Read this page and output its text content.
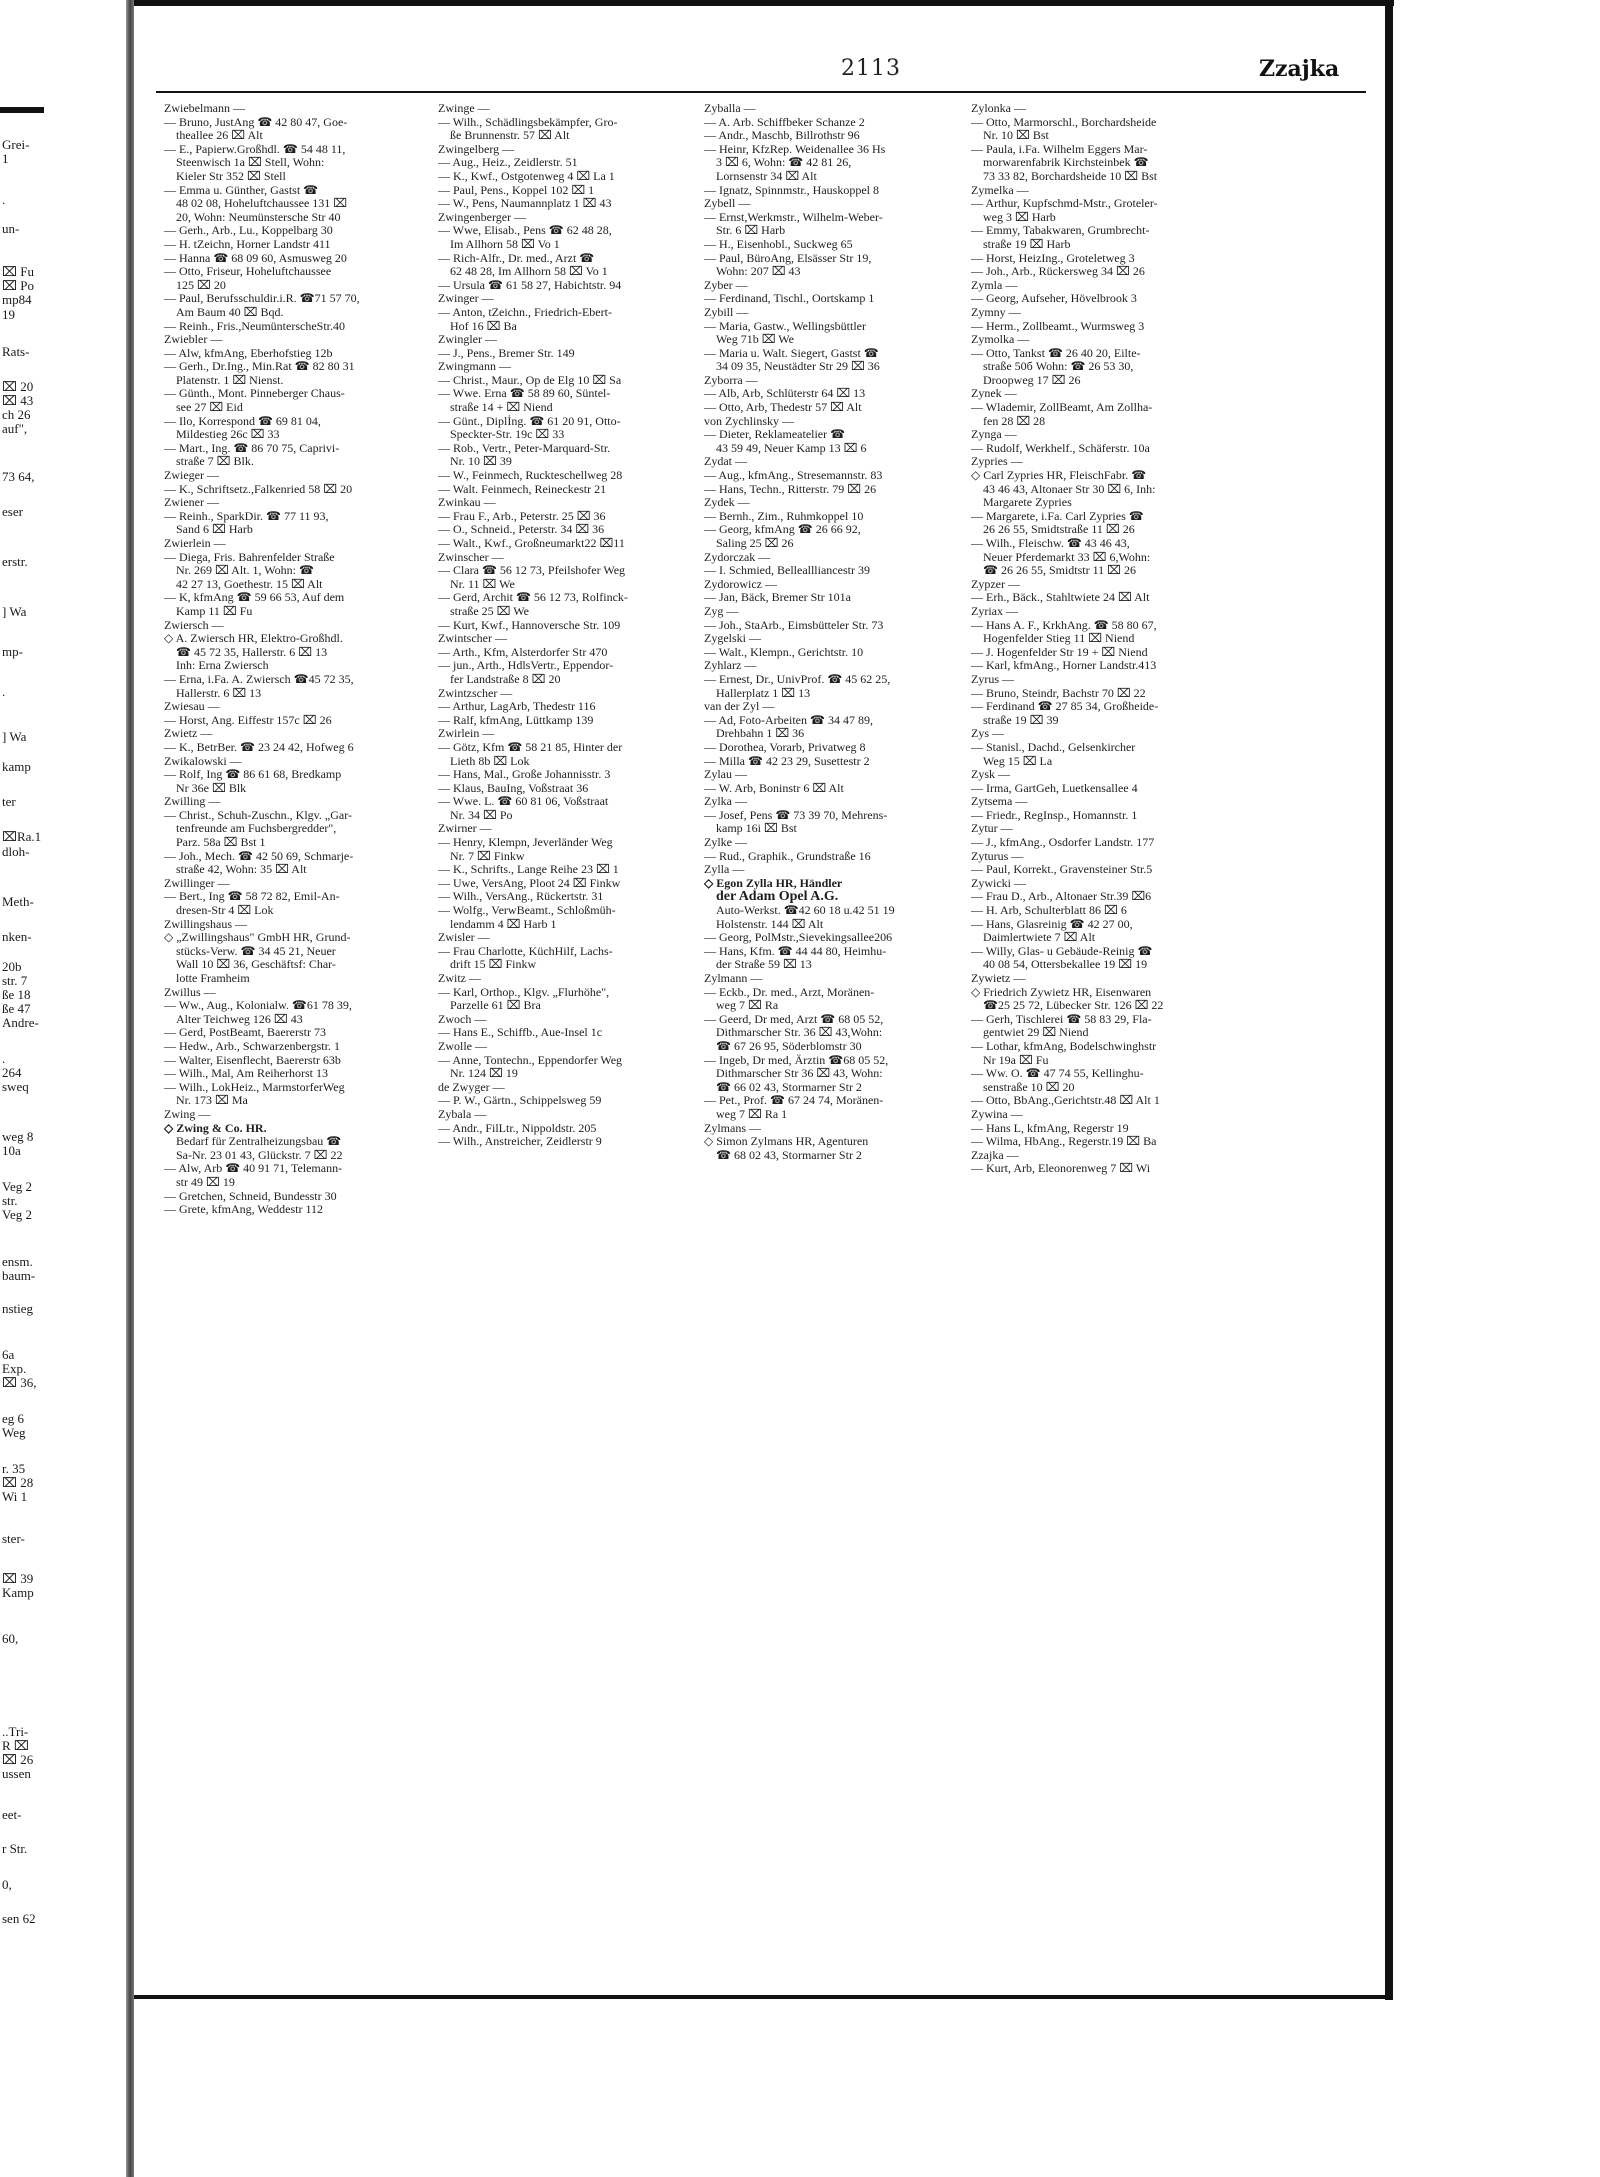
Grei-
1
.
un-
⌧ Fu
⌧ Po
mp84
19
Rats-
⌧ 20
⌧ 43
ch 26
auf",
73 64,
eser
erstr.
] Wa
mp-
.
] Wa
kamp
ter
⌧Ra.1
dloh-
Meth-
nken-
20b
str. 7
ße 18
ße 47
Andre-
.
264
sweq
weg 8
10a
Veg 2
str.
Veg 2
ensm.
baum-
nstieg
6a
Exp.
⌧ 36,
eg 6
Weg
r. 35
⌧ 28
Wi 1
ster-
⌧ 39
Kamp
60,
..Tri-
R ⌧
⌧ 26
ussen
eet-
r Str.
0,
sen 62
2113	Zzajka
Zwiebelmann —
— Bruno, JustAng ☎ 42 80 47, Goe-
theallee 26 ⌧ Alt
— E., Papierw.Großhdl. ☎ 54 48 11,
Steenwisch 1a ⌧ Stell, Wohn:
Kieler Str 352 ⌧ Stell
— Emma u. Günther, Gastst ☎
48 02 08, Hoheluftchaussee 131 ⌧
20, Wohn: Neumünstersche Str 40
— Gerh., Arb., Lu., Koppelbarg 30
— H. tZeichn, Horner Landstr 411
— Hanna ☎ 68 09 60, Asmusweg 20
— Otto, Friseur, Hoheluftchaussee
125 ⌧ 20
— Paul, Berufsschuldir.i.R. ☎71 57 70,
Am Baum 40 ⌧ Bqd.
— Reinh., Fris.,NeumünterscheStr.40
Zwiebler —
— Alw, kfmAng, Eberhofstieg 12b
— Gerh., Dr.Ing., Min.Rat ☎ 82 80 31
Platenstr. 1 ⌧ Nienst.
— Günth., Mont. Pinneberger Chaus-
see 27 ⌧ Eid
— Ilo, Korrespond ☎ 69 81 04,
Mildestieg 26c ⌧ 33
— Mart., Ing. ☎ 86 70 75, Caprivi-
straße 7 ⌧ Blk.
Zwieger —
— K., Schriftsetz.,Falkenried 58 ⌧ 20
Zwiener —
— Reinh., SparkDir. ☎ 77 11 93,
Sand 6 ⌧ Harb
Zwierlein —
— Diega, Fris. Bahrenfelder Straße
Nr. 269 ⌧ Alt. 1, Wohn: ☎
42 27 13, Goethestr. 15 ⌧ Alt
— K, kfmAng ☎ 59 66 53, Auf dem
Kamp 11 ⌧ Fu
Zwiersch —
◇ A. Zwiersch HR, Elektro-Großhdl.
☎ 45 72 35, Hallerstr. 6 ⌧ 13
Inh: Erna Zwiersch
— Erna, i.Fa. A. Zwiersch ☎45 72 35,
Hallerstr. 6 ⌧ 13
Zwiesau —
— Horst, Ang. Eiffestr 157c ⌧ 26
Zwietz —
— K., BetrBer. ☎ 23 24 42, Hofweg 6
Zwikalowski —
— Rolf, Ing ☎ 86 61 68, Bredkamp
Nr 36e ⌧ Blk
Zwilling —
— Christ., Schuh-Zuschn., Klgv. „Gar-
tenfreunde am Fuchsbergredder",
Parz. 58a ⌧ Bst 1
— Joh., Mech. ☎ 42 50 69, Schmarje-
straße 42, Wohn: 35 ⌧ Alt
Zwillinger —
— Bert., Ing ☎ 58 72 82, Emil-An-
dresen-Str 4 ⌧ Lok
Zwillingshaus —
◇ „Zwillingshaus" GmbH HR, Grund-
stücks-Verw. ☎ 34 45 21, Neuer
Wall 10 ⌧ 36, Geschäftsf: Char-
lotte Framheim
Zwillus —
— Ww., Aug., Kolonialw. ☎61 78 39,
Alter Teichweg 126 ⌧ 43
— Gerd, PostBeamt, Baererstr 73
— Hedw., Arb., Schwarzenbergstr. 1
— Walter, Eisenflecht, Baererstr 63b
— Wilh., Mal, Am Reiherhorst 13
— Wilh., LokHeiz., MarmstorferWeg
Nr. 173 ⌧ Ma
Zwing —
◇ Zwing & Co. HR.
Bedarf für Zentralheizungsbau ☎
Sa-Nr. 23 01 43, Glückstr. 7 ⌧ 22
— Alw, Arb ☎ 40 91 71, Telemann-
str 49 ⌧ 19
— Gretchen, Schneid, Bundesstr 30
— Grete, kfmAng, Weddestr 112
Zwinge —
— Wilh., Schädlingsbekämpfer, Gro-
ße Brunnenstr. 57 ⌧ Alt
Zwingelberg —
— Aug., Heiz., Zeidlerstr. 51
— K., Kwf., Ostgotenweg 4 ⌧ La 1
— Paul, Pens., Koppel 102 ⌧ 1
— W., Pens, Naumannplatz 1 ⌧ 43
Zwingenberger —
— Wwe, Elisab., Pens ☎ 62 48 28,
Im Allhorn 58 ⌧ Vo 1
— Rich-Alfr., Dr. med., Arzt ☎
62 48 28, Im Allhorn 58 ⌧ Vo 1
— Ursula ☎ 61 58 27, Habichtstr. 94
Zwinger —
— Anton, tZeichn., Friedrich-Ebert-
Hof 16 ⌧ Ba
Zwingler —
— J., Pens., Bremer Str. 149
Zwingmann —
— Christ., Maur., Op de Elg 10 ⌧ Sa
— Wwe. Erna ☎ 58 89 60, Süntel-
straße 14 + ⌧ Niend
— Günt., Diplİng. ☎ 61 20 91, Otto-
Speckter-Str. 19c ⌧ 33
— Rob., Vertr., Peter-Marquard-Str.
Nr. 10 ⌧ 39
— W., Feinmech, Ruckteschellweg 28
— Walt. Feinmech, Reineckestr 21
Zwinkau —
— Frau F., Arb., Peterstr. 25 ⌧ 36
— O., Schneid., Peterstr. 34 ⌧ 36
— Walt., Kwf., Großneumarkt22 ⌧11
Zwinscher —
— Clara ☎ 56 12 73, Pfeilshofer Weg
Nr. 11 ⌧ We
— Gerd, Archit ☎ 56 12 73, Rolfinck-
straße 25 ⌧ We
— Kurt, Kwf., Hannoversche Str. 109
Zwintscher —
— Arth., Kfm, Alsterdorfer Str 470
— jun., Arth., HdlsVertr., Eppendor-
fer Landstraße 8 ⌧ 20
Zwintzscher —
— Arthur, LagArb, Thedestr 116
— Ralf, kfmAng, Lüttkamp 139
Zwirlein —
— Götz, Kfm ☎ 58 21 85, Hinter der
Lieth 8b ⌧ Lok
— Hans, Mal., Große Johannisstr. 3
— Klaus, BauIng, Voßstraat 36
— Wwe. L. ☎ 60 81 06, Voßstraat
Nr. 34 ⌧ Po
Zwirner —
— Henry, Klempn, Jeverländer Weg
Nr. 7 ⌧ Finkw
— K., Schrifts., Lange Reihe 23 ⌧ 1
— Uwe, VersAng, Ploot 24 ⌧ Finkw
— Wilh., VersAng., Rückertstr. 31
— Wolfg., VerwBeamt., Schloßmüh-
lendamm 4 ⌧ Harb 1
Zwisler —
— Frau Charlotte, KüchHilf, Lachs-
drift 15 ⌧ Finkw
Zwitz —
— Karl, Orthop., Klgv. „Flurhöhe",
Parzelle 61 ⌧ Bra
Zwoch —
— Hans E., Schiffb., Aue-Insel 1c
Zwolle —
— Anne, Tontechn., Eppendorfer Weg
Nr. 124 ⌧ 19
de Zwyger —
— P. W., Gärtn., Schippelsweg 59
Zybala —
— Andr., FilLtr., Nippoldstr. 205
— Wilh., Anstreicher, Zeidlerstr 9
Zyballa —
— A. Arb. Schiffbeker Schanze 2
— Andr., Maschb, Billrothstr 96
— Heinr, KfzRep. Weidenallee 36 Hs
3 ⌧ 6, Wohn: ☎ 42 81 26,
Lornsenstr 34 ⌧ Alt
— Ignatz, Spinnmstr., Hauskoppel 8
Zybell —
— Ernst,Werkmstr., Wilhelm-Weber-
Str. 6 ⌧ Harb
— H., Eisenhobl., Suckweg 65
— Paul, BüroAng, Elsässer Str 19,
Wohn: 207 ⌧ 43
Zyber —
— Ferdinand, Tischl., Oortskamp 1
Zybill —
— Maria, Gastw., Wellingsbüttler
Weg 71b ⌧ We
— Maria u. Walt. Siegert, Gastst ☎
34 09 35, Neustädter Str 29 ⌧ 36
Zyborra —
— Alb, Arb, Schlüterstr 64 ⌧ 13
— Otto, Arb, Thedestr 57 ⌧ Alt
von Zychlinsky —
— Dieter, Reklameatelier ☎
43 59 49, Neuer Kamp 13 ⌧ 6
Zydat —
— Aug., kfmAng., Stresemannstr. 83
— Hans, Techn., Ritterstr. 79 ⌧ 26
Zydek —
— Bernh., Zim., Ruhmkoppel 10
— Georg, kfmAng ☎ 26 66 92,
Saling 25 ⌧ 26
Zydorczak —
— I. Schmied, Belleallliancestr 39
Zydorowicz —
— Jan, Bäck, Bremer Str 101a
Zyg —
— Joh., StaArb., Eimsbütteler Str. 73
Zygelski —
— Walt., Klempn., Gerichtstr. 10
Zyhlarz —
— Ernest, Dr., UnivProf. ☎ 45 62 25,
Hallerplatz 1 ⌧ 13
van der Zyl —
— Ad, Foto-Arbeiten ☎ 34 47 89,
Drehbahn 1 ⌧ 36
— Dorothea, Vorarb, Privatweg 8
— Milla ☎ 42 23 29, Susettestr 2
Zylau —
— W. Arb, Boninstr 6 ⌧ Alt
Zylka —
— Josef, Pens ☎ 73 39 70, Mehrens-
kamp 16i ⌧ Bst
Zylke —
— Rud., Graphik., Grundstraße 16
Zylla —
◇ Egon Zylla HR, Händler
der Adam Opel A.G.
Auto-Werkst. ☎42 60 18 u.42 51 19
Holstenstr. 144 ⌧ Alt
— Georg, PolMstr.,Sievekingsallee206
— Hans, Kfm. ☎ 44 44 80, Heimhu-
der Straße 59 ⌧ 13
Zylmann —
— Eckb., Dr. med., Arzt, Moränen-
weg 7 ⌧ Ra
— Geerd, Dr med, Arzt ☎ 68 05 52,
Dithmarscher Str. 36 ⌧ 43,Wohn:
☎ 67 26 95, Söderblomstr 30
— Ingeb, Dr med, Ärztin ☎68 05 52,
Dithmarscher Str 36 ⌧ 43, Wohn:
☎ 66 02 43, Stormarner Str 2
— Pet., Prof. ☎ 67 24 74, Moränen-
weg 7 ⌧ Ra 1
Zylmans —
◇ Simon Zylmans HR, Agenturen
☎ 68 02 43, Stormarner Str 2
Zylonka —
— Otto, Marmorschl., Borchardsheide
Nr. 10 ⌧ Bst
— Paula, i.Fa. Wilhelm Eggers Mar-
morwarenfabrik Kirchsteinbek ☎
73 33 82, Borchardsheide 10 ⌧ Bst
Zymelka —
— Arthur, Kupfschmd-Mstr., Groteler-
weg 3 ⌧ Harb
— Emmy, Tabakwaren, Grumbrecht-
straße 19 ⌧ Harb
— Horst, HeizIng., Groteletweg 3
— Joh., Arb., Rückersweg 34 ⌧ 26
Zymla —
— Georg, Aufseher, Hövelbrook 3
Zymny —
— Herm., Zollbeamt., Wurmsweg 3
Zymolka —
— Otto, Tankst ☎ 26 40 20, Eilte-
straße 50б Wohn: ☎ 26 53 30,
Droopweg 17 ⌧ 26
Zynek —
— Wlademir, ZollBeamt, Am Zollha-
fen 28 ⌧ 28
Zynga —
— Rudolf, Werkhelf., Schäferstr. 10a
Zypries —
◇ Carl Zypries HR, FleischFabr. ☎
43 46 43, Altonaer Str 30 ⌧ 6, Inh:
Margarete Zypries
— Margarete, i.Fa. Carl Zypries ☎
26 26 55, Smidtstraße 11 ⌧ 26
— Wilh., Fleischw. ☎ 43 46 43,
Neuer Pferdemarkt 33 ⌧ 6,Wohn:
☎ 26 26 55, Smidtstr 11 ⌧ 26
Zypzer —
— Erh., Bäck., Stahltwiete 24 ⌧ Alt
Zyriax —
— Hans A. F., KrkhAng. ☎ 58 80 67,
Hogenfelder Stieg 11 ⌧ Niend
— J. Hogenfelder Str 19 + ⌧ Niend
— Karl, kfmAng., Horner Landstr.413
Zyrus —
— Bruno, Steindr, Bachstr 70 ⌧ 22
— Ferdinand ☎ 27 85 34, Großheide-
straße 19 ⌧ 39
Zys —
— Stanisl., Dachd., Gelsenkircher
Weg 15 ⌧ La
Zysk —
— Irma, GartGeh, Luetkensallee 4
Zytsema —
— Friedr., RegInsp., Homannstr. 1
Zytur —
— J., kfmAng., Osdorfer Landstr. 177
Zyturus —
— Paul, Korrekt., Gravensteiner Str.5
Zywicki —
— Frau D., Arb., Altonaer Str.39 ⌧6
— H. Arb, Schulterblatt 86 ⌧ 6
— Hans, Glasreinig ☎ 42 27 00,
Daimlertwiete 7 ⌧ Alt
— Willy, Glas- u Gebäude-Reinig ☎
40 08 54, Ottersbekallee 19 ⌧ 19
Zywietz —
◇ Friedrich Zywietz HR, Eisenwaren
☎25 25 72, Lübecker Str. 126 ⌧ 22
— Gerh, Tischlerei ☎ 58 83 29, Fla-
gentwiet 29 ⌧ Niend
— Lothar, kfmAng, Bodelschwinghstr
Nr 19a ⌧ Fu
— Ww. O. ☎ 47 74 55, Kellinghu-
senstraße 10 ⌧ 20
— Otto, BbAng.,Gerichtstr.48 ⌧ Alt 1
Zywina —
— Hans L, kfmAng, Regerstr 19
— Wilma, HbAng., Regerstr.19 ⌧ Ba
Zzajka —
— Kurt, Arb, Eleonorenweg 7 ⌧ Wi
